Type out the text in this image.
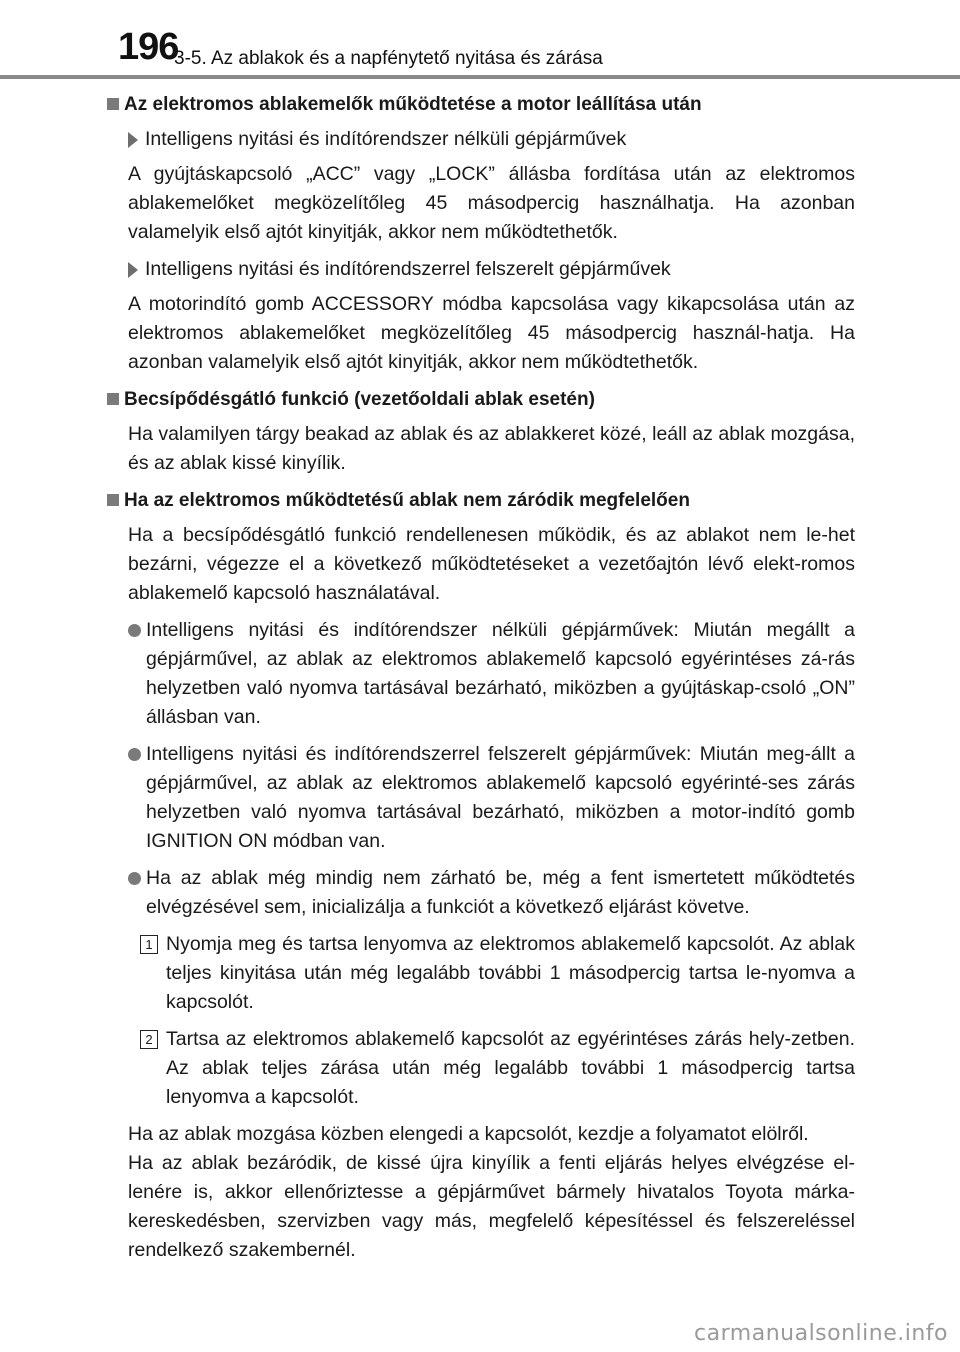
196
3-5. Az ablakok és a napfénytető nyitása és zárása
Az elektromos ablakemelők működtetése a motor leállítása után
Intelligens nyitási és indítórendszer nélküli gépjárművek

A gyújtáskapcsoló „ACC” vagy „LOCK” állásba fordítása után az elektromos ablakemelőket megközelítőleg 45 másodpercig használhatja. Ha azonban valamelyik első ajtót kinyitják, akkor nem működtethetők.

Intelligens nyitási és indítórendszerrel felszerelt gépjárművek

A motorindító gomb ACCESSORY módba kapcsolása vagy kikapcsolása után az elektromos ablakemelőket megközelítőleg 45 másodpercig használ-hatja. Ha azonban valamelyik első ajtót kinyitják, akkor nem működtethetők.

Becsípődésgátló funkció (vezetőoldali ablak esetén)

Ha valamilyen tárgy beakad az ablak és az ablakkeret közé, leáll az ablak mozgása, és az ablak kissé kinyílik.

Ha az elektromos működtetésű ablak nem záródik megfelelően

Ha a becsípődésgátló funkció rendellenesen működik, és az ablakot nem le-het bezárni, végezze el a következő működtetéseket a vezetőajtón lévő elekt-romos ablakemelő kapcsoló használatával.

Intelligens nyitási és indítórendszer nélküli gépjárművek: Miután megállt a gépjárművel, az ablak az elektromos ablakemelő kapcsoló egyérintéses zá-rás helyzetben való nyomva tartásával bezárható, miközben a gyújtáskap-csoló „ON” állásban van.
Intelligens nyitási és indítórendszerrel felszerelt gépjárművek: Miután meg-állt a gépjárművel, az ablak az elektromos ablakemelő kapcsoló egyérinté-ses zárás helyzetben való nyomva tartásával bezárható, miközben a motor-indító gomb IGNITION ON módban van.
Ha az ablak még mindig nem zárható be, még a fent ismertetett működtetés elvégzésével sem, inicializálja a funkciót a következő eljárást követve.
1 Nyomja meg és tartsa lenyomva az elektromos ablakemelő kapcsolót. Az ablak teljes kinyitása után még legalább további 1 másodpercig tartsa le-nyomva a kapcsolót.
2 Tartsa az elektromos ablakemelő kapcsolót az egyérintéses zárás hely-zetben. Az ablak teljes zárása után még legalább további 1 másodpercig tartsa lenyomva a kapcsolót.

Ha az ablak mozgása közben elengedi a kapcsolót, kezdje a folyamatot elölről.

Ha az ablak bezáródik, de kissé újra kinyílik a fenti eljárás helyes elvégzése el-lenére is, akkor ellenőriztesse a gépjárművet bármely hivatalos Toyota márka-kereskedésben, szervizben vagy más, megfelelő képesítéssel és felszereléssel rendelkező szakembernél.

carmanualsonline.info
